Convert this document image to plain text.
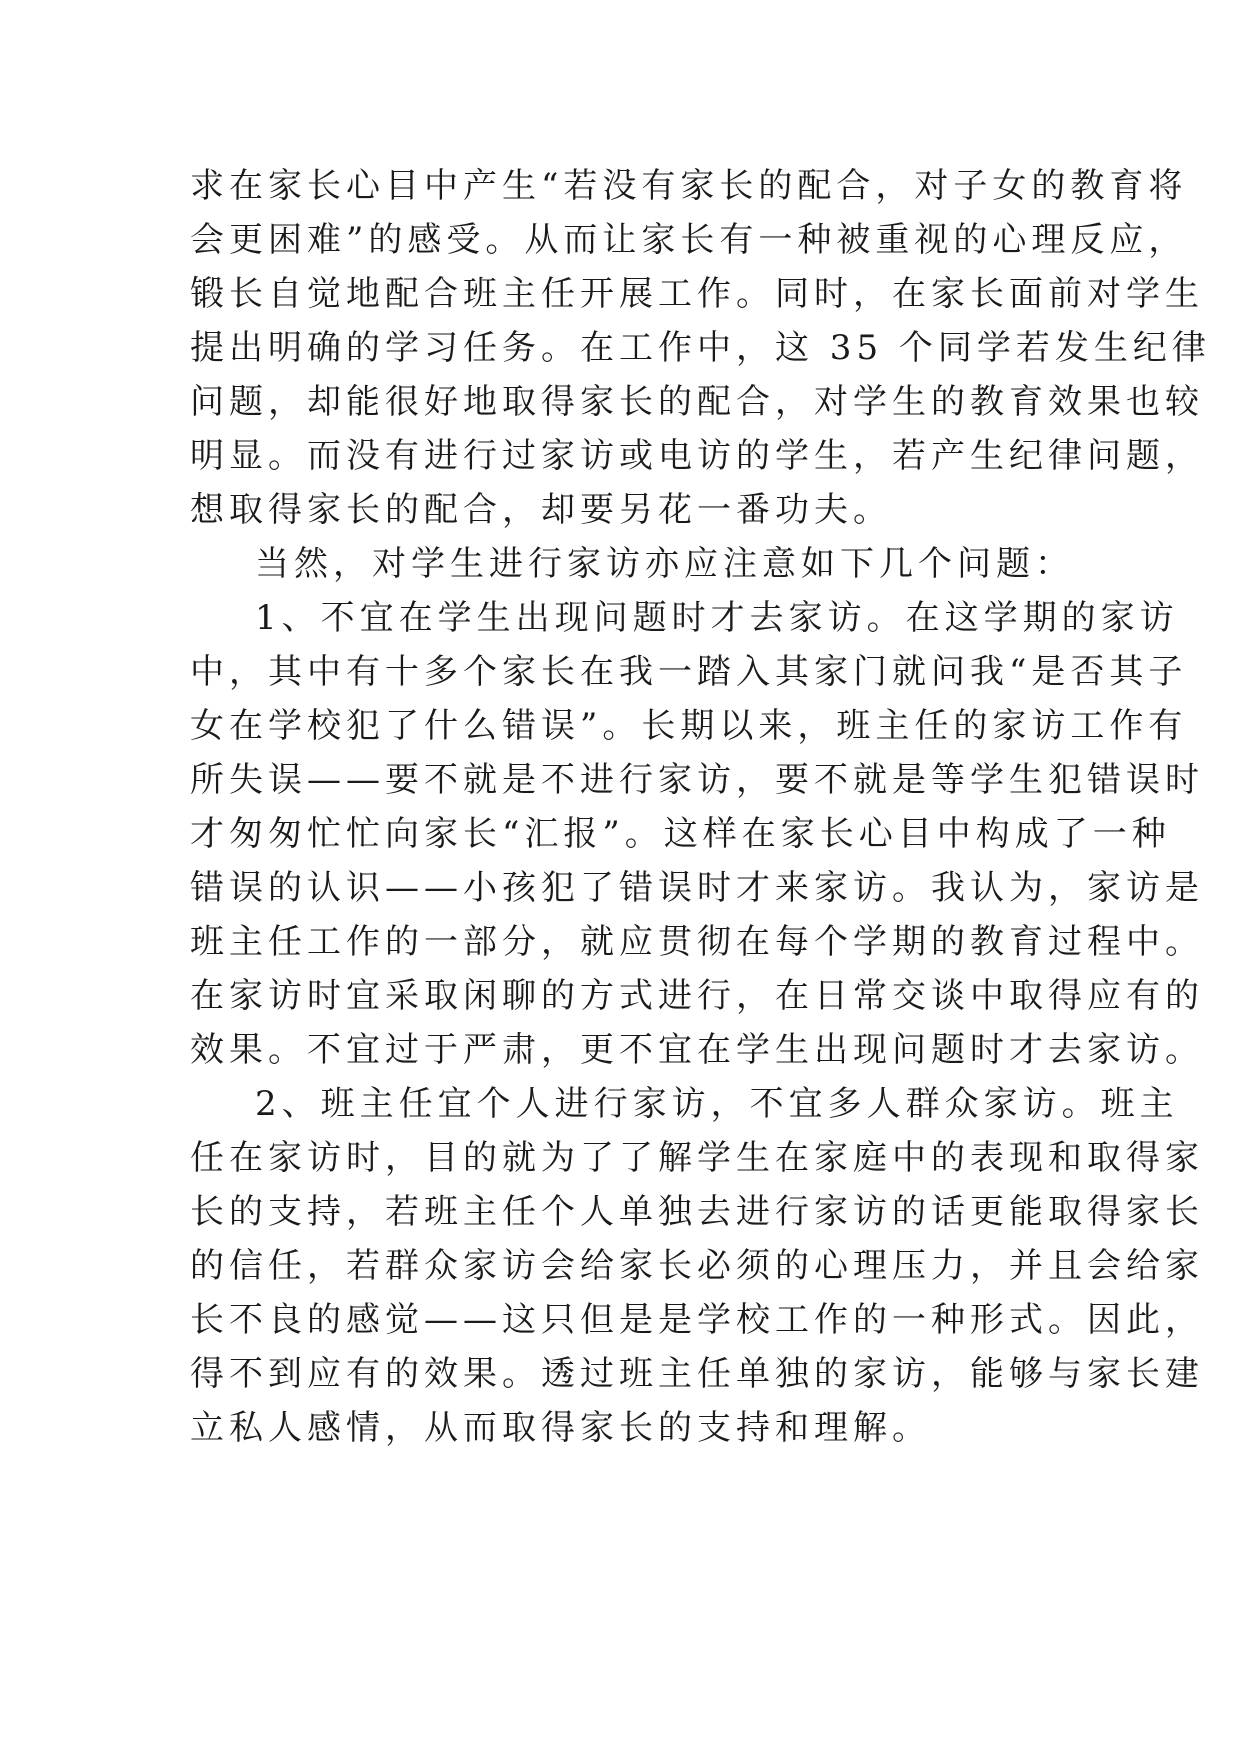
求在家长心目中产生“若没有家长的配合，对子女的教育将
会更困难”的感受。从而让家长有一种被重视的心理反应，
锻长自觉地配合班主任开展工作。同时，在家长面前对学生
提出明确的学习任务。在工作中，这 35 个同学若发生纪律
问题，却能很好地取得家长的配合，对学生的教育效果也较
明显。而没有进行过家访或电访的学生，若产生纪律问题，
想取得家长的配合，却要另花一番功夫。
当然，对学生进行家访亦应注意如下几个问题：
1、不宜在学生出现问题时才去家访。在这学期的家访
中，其中有十多个家长在我一踏入其家门就问我“是否其子
女在学校犯了什么错误”。长期以来，班主任的家访工作有
所失误——要不就是不进行家访，要不就是等学生犯错误时
才匆匆忙忙向家长“汇报”。这样在家长心目中构成了一种
错误的认识——小孩犯了错误时才来家访。我认为，家访是
班主任工作的一部分，就应贯彻在每个学期的教育过程中。
在家访时宜采取闲聊的方式进行，在日常交谈中取得应有的
效果。不宜过于严肃，更不宜在学生出现问题时才去家访。
2、班主任宜个人进行家访，不宜多人群众家访。班主
任在家访时，目的就为了了解学生在家庭中的表现和取得家
长的支持，若班主任个人单独去进行家访的话更能取得家长
的信任，若群众家访会给家长必须的心理压力，并且会给家
长不良的感觉——这只但是是学校工作的一种形式。因此，
得不到应有的效果。透过班主任单独的家访，能够与家长建
立私人感情，从而取得家长的支持和理解。
